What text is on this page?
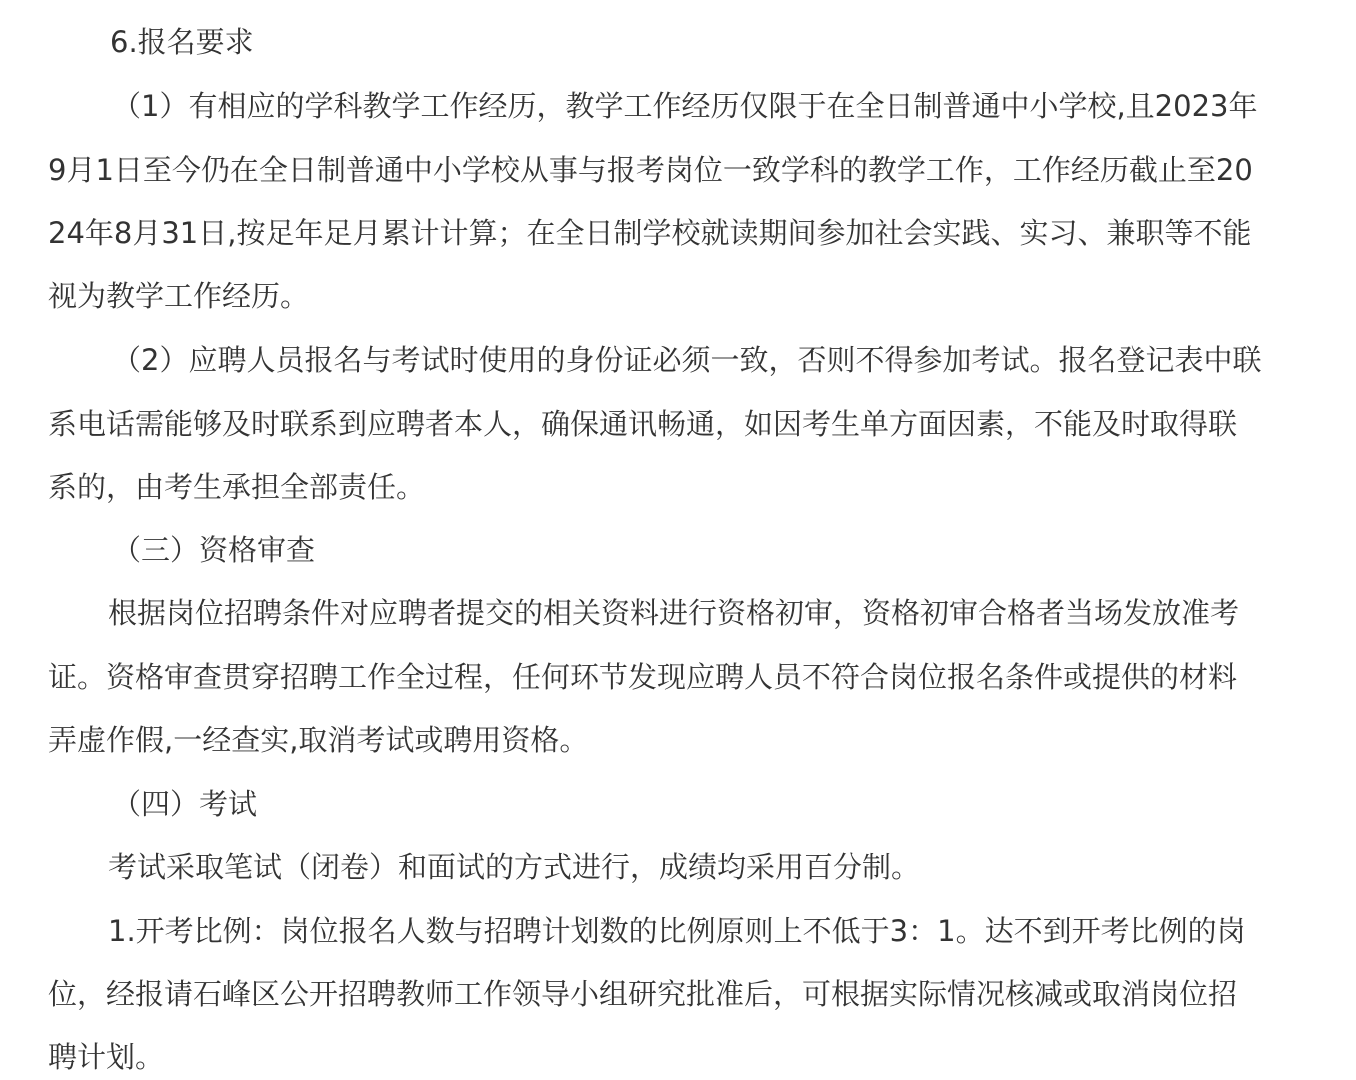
6.报名要求
（1）有相应的学科教学工作经历，教学工作经历仅限于在全日制普通中小学校,且2023年
9月1日至今仍在全日制普通中小学校从事与报考岗位一致学科的教学工作，工作经历截止至20
24年8月31日,按足年足月累计计算；在全日制学校就读期间参加社会实践、实习、兼职等不能
视为教学工作经历。
（2）应聘人员报名与考试时使用的身份证必须一致，否则不得参加考试。报名登记表中联
系电话需能够及时联系到应聘者本人，确保通讯畅通，如因考生单方面因素，不能及时取得联
系的，由考生承担全部责任。
（三）资格审查
根据岗位招聘条件对应聘者提交的相关资料进行资格初审，资格初审合格者当场发放准考
证。资格审查贯穿招聘工作全过程，任何环节发现应聘人员不符合岗位报名条件或提供的材料
弄虚作假,一经查实,取消考试或聘用资格。
（四）考试
考试采取笔试（闭卷）和面试的方式进行，成绩均采用百分制。
1.开考比例：岗位报名人数与招聘计划数的比例原则上不低于3：1。达不到开考比例的岗
位，经报请石峰区公开招聘教师工作领导小组研究批准后，可根据实际情况核减或取消岗位招
聘计划。
